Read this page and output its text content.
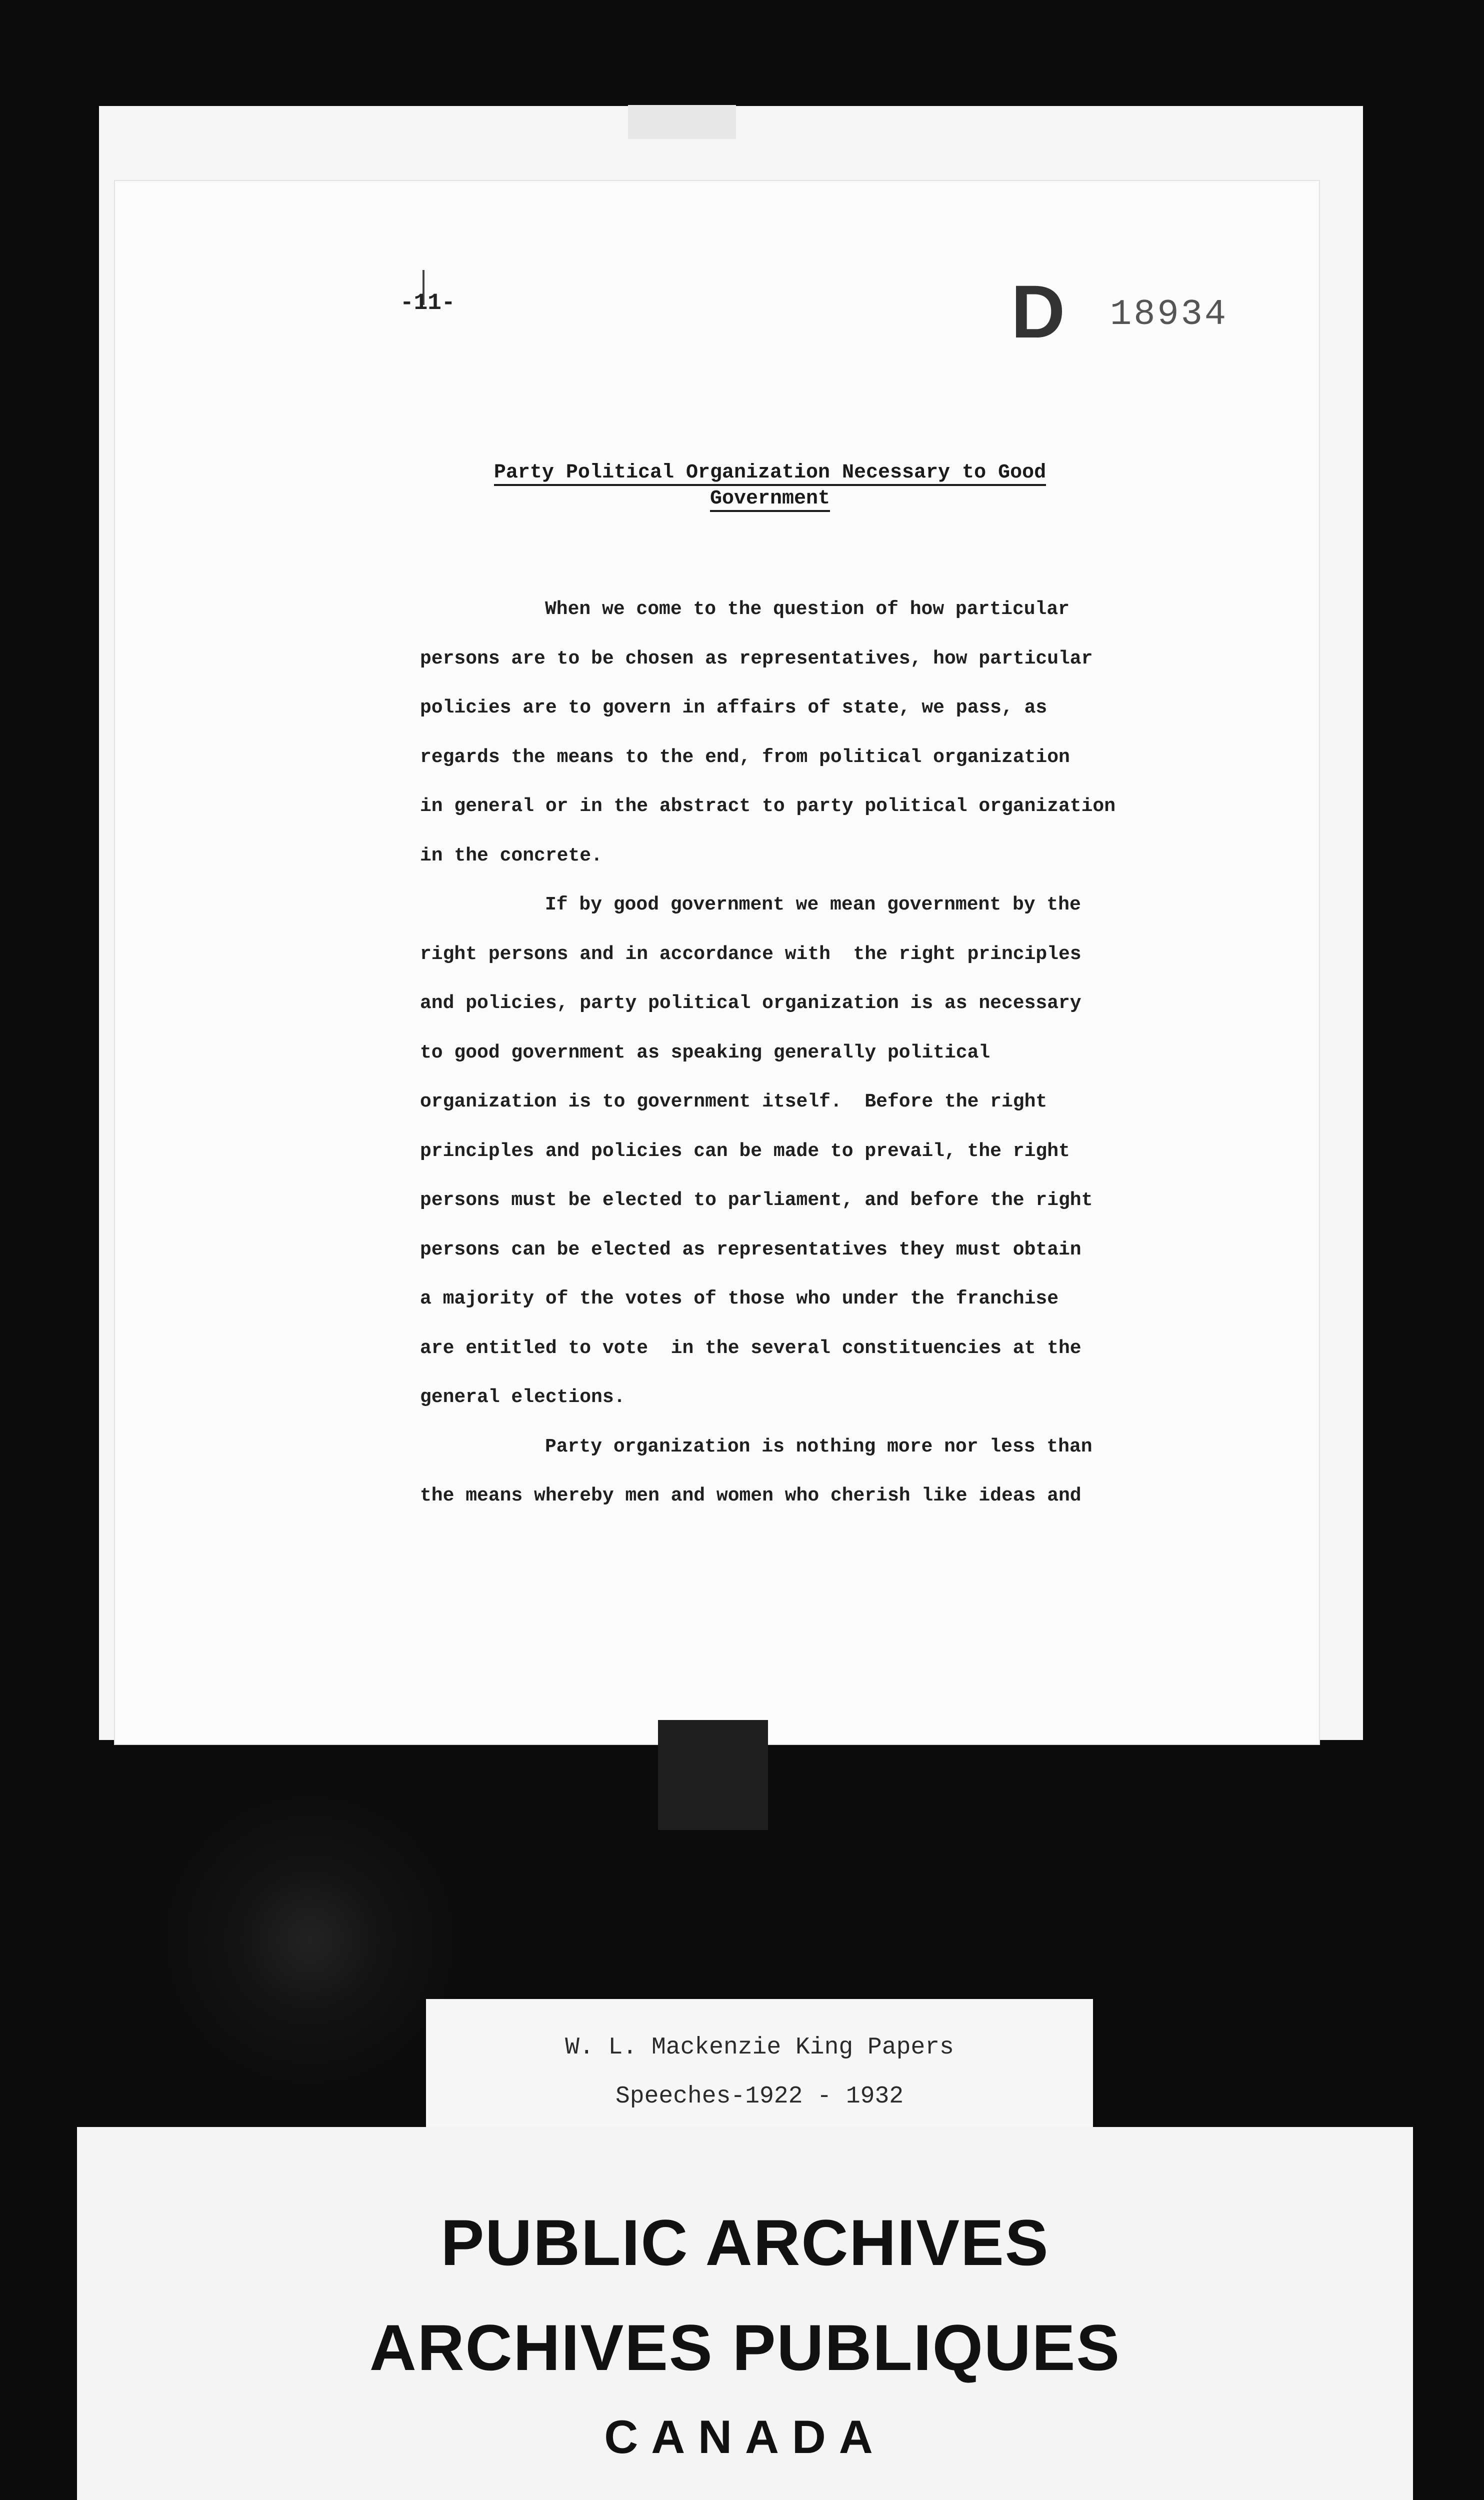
-11-	D 18934
Party Political Organization Necessary to Good
Government
When we come to the question of how particular
persons are to be chosen as representatives, how particular
policies are to govern in affairs of state, we pass, as
regards the means to the end, from political organization
in general or in the abstract to party political organization
in the concrete.
If by good government we mean government by the
right persons and in accordance with  the right principles
and policies, party political organization is as necessary
to good government as speaking generally political
organization is to government itself.  Before the right
principles and policies can be made to prevail, the right
persons must be elected to parliament, and before the right
persons can be elected as representatives they must obtain
a majority of the votes of those who under the franchise
are entitled to vote  in the several constituencies at the
general elections.
Party organization is nothing more nor less than
the means whereby men and women who cherish like ideas and
W. L. Mackenzie King Papers
Speeches-1922 - 1932
PUBLIC ARCHIVES
ARCHIVES PUBLIQUES
CANADA
